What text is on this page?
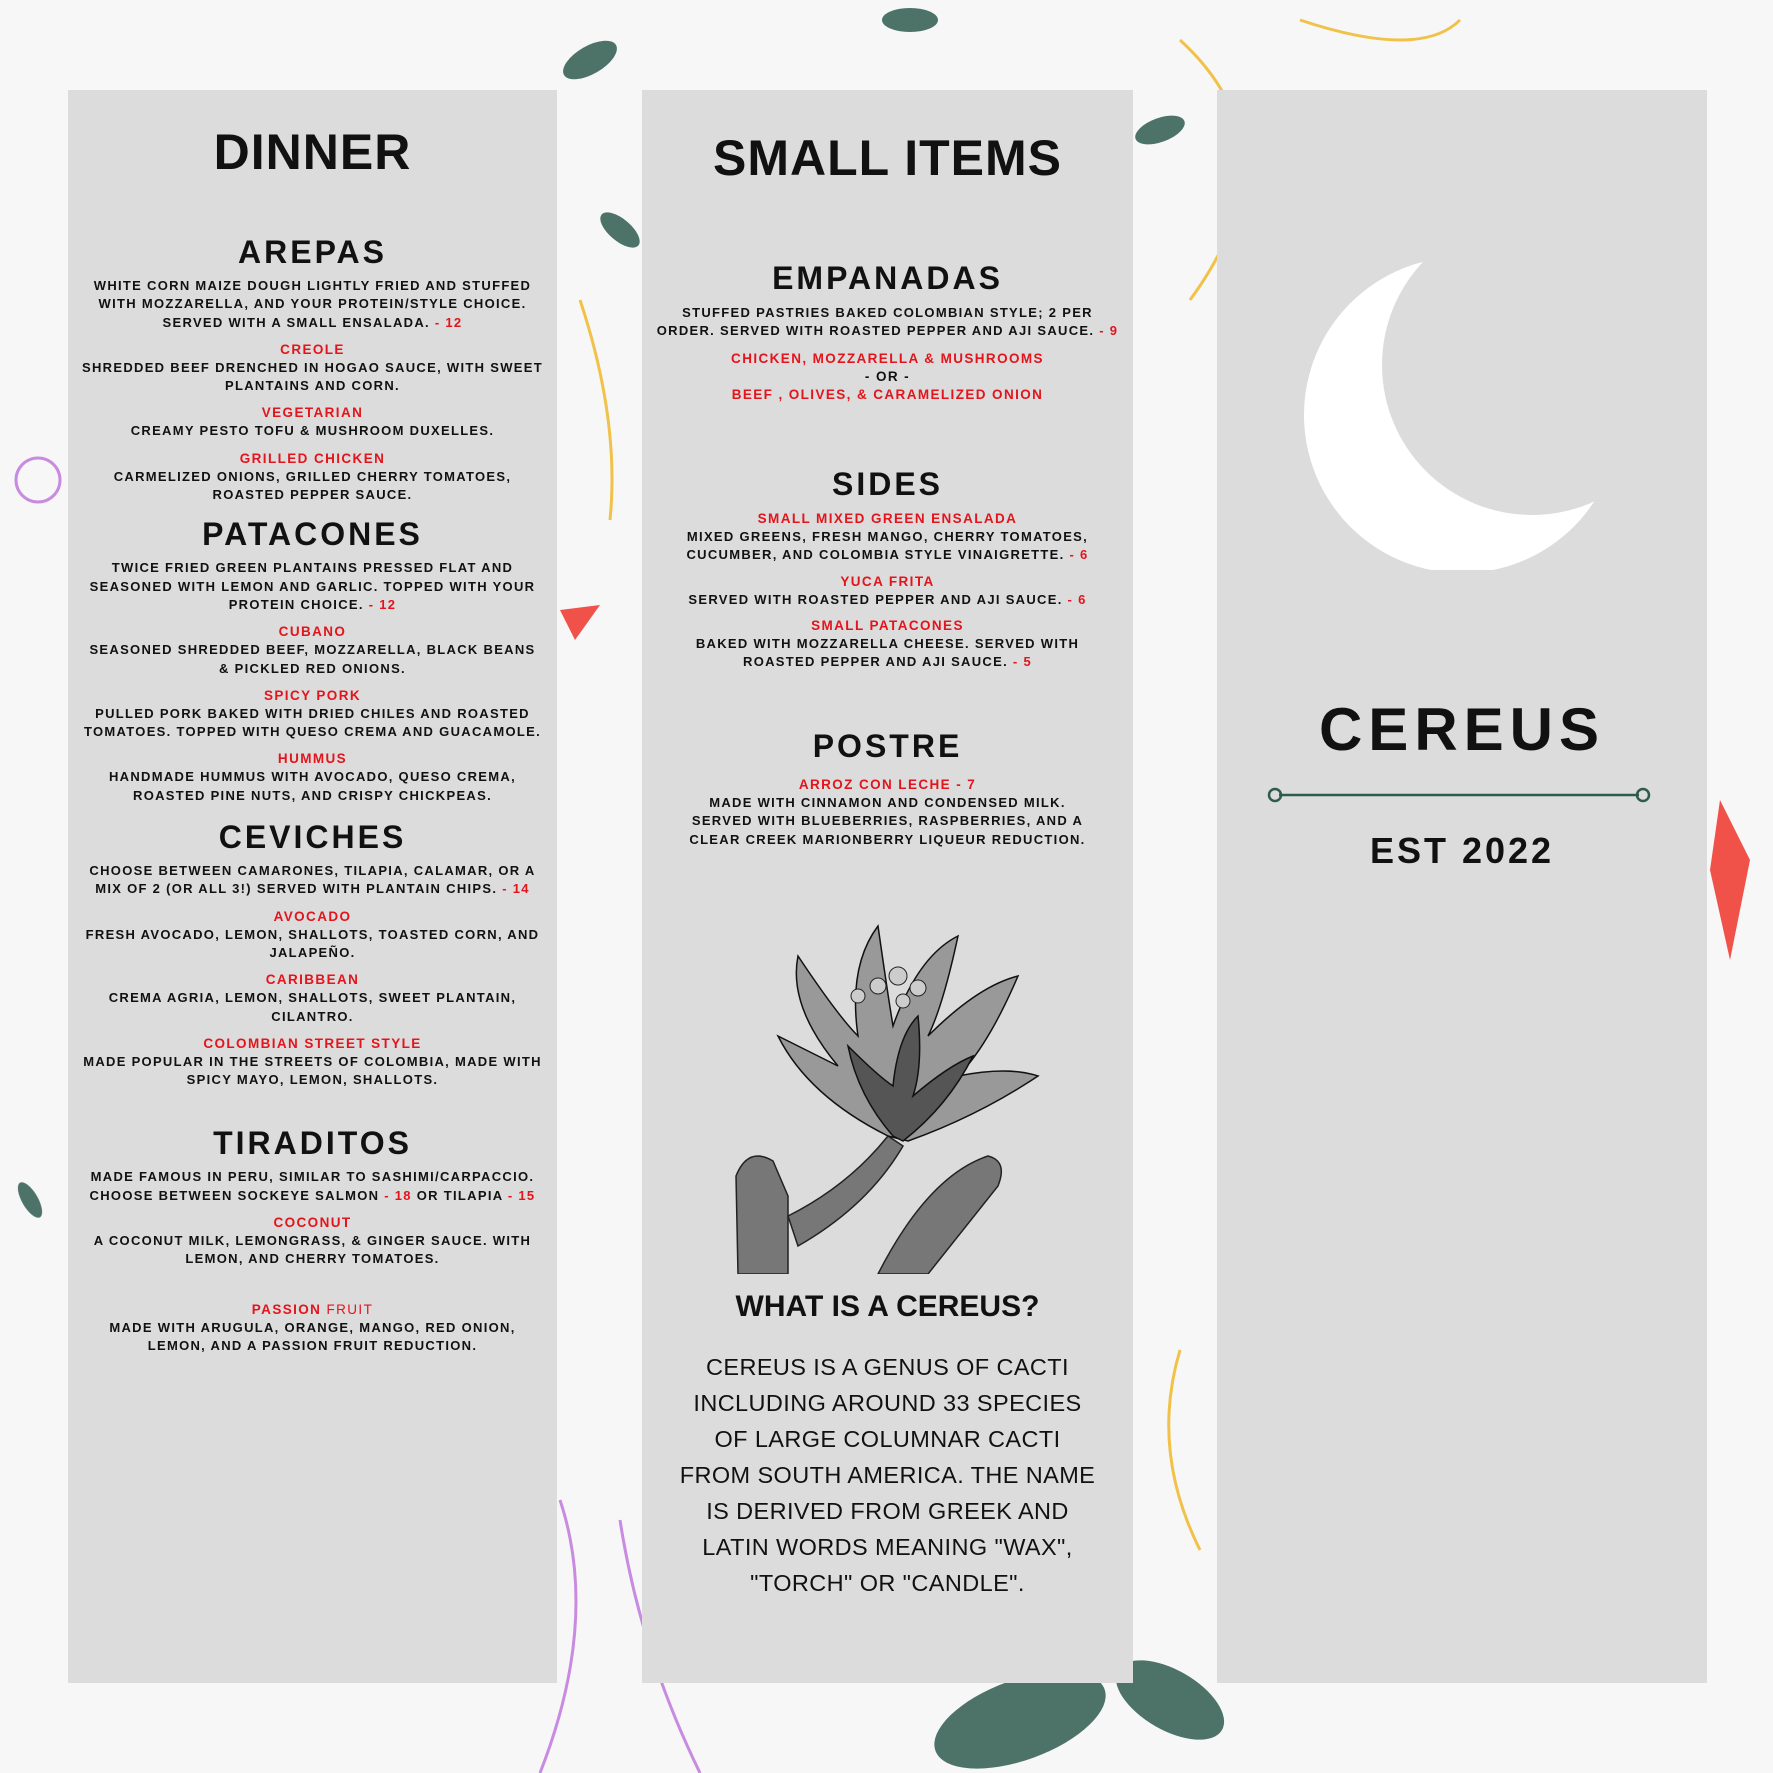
DINNER
AREPAS

WHITE CORN MAIZE DOUGH LIGHTLY FRIED AND STUFFED WITH MOZZARELLA, AND YOUR PROTEIN/STYLE CHOICE. SERVED WITH A SMALL ENSALADA. - 12

CREOLE

SHREDDED BEEF DRENCHED IN HOGAO SAUCE, WITH SWEET PLANTAINS AND CORN.

VEGETARIAN

CREAMY PESTO TOFU & MUSHROOM DUXELLES.

GRILLED CHICKEN

CARMELIZED ONIONS, GRILLED CHERRY TOMATOES, ROASTED PEPPER SAUCE.

PATACONES

TWICE FRIED GREEN PLANTAINS PRESSED FLAT AND SEASONED WITH LEMON AND GARLIC. TOPPED WITH YOUR PROTEIN CHOICE. - 12

CUBANO

SEASONED SHREDDED BEEF, MOZZARELLA, BLACK BEANS & PICKLED RED ONIONS.

SPICY PORK

PULLED PORK BAKED WITH DRIED CHILES AND ROASTED TOMATOES. TOPPED WITH QUESO CREMA AND GUACAMOLE.

HUMMUS

HANDMADE HUMMUS WITH AVOCADO, QUESO CREMA, ROASTED PINE NUTS, AND CRISPY CHICKPEAS.

CEVICHES

CHOOSE BETWEEN CAMARONES, TILAPIA, CALAMAR, OR A MIX OF 2 (OR ALL 3!) SERVED WITH PLANTAIN CHIPS. - 14

AVOCADO

FRESH AVOCADO, LEMON, SHALLOTS, TOASTED CORN, AND JALAPEÑO.

CARIBBEAN

CREMA AGRIA, LEMON, SHALLOTS, SWEET PLANTAIN, CILANTRO.

COLOMBIAN STREET STYLE

MADE POPULAR IN THE STREETS OF COLOMBIA, MADE WITH SPICY MAYO, LEMON, SHALLOTS.

TIRADITOS

MADE FAMOUS IN PERU, SIMILAR TO SASHIMI/CARPACCIO. CHOOSE BETWEEN SOCKEYE SALMON - 18 OR TILAPIA - 15

COCONUT

A COCONUT MILK, LEMONGRASS, & GINGER SAUCE. WITH LEMON, AND CHERRY TOMATOES.

PASSION FRUIT

MADE WITH ARUGULA, ORANGE, MANGO, RED ONION, LEMON, AND A PASSION FRUIT REDUCTION.

SMALL ITEMS
EMPANADAS

STUFFED PASTRIES BAKED COLOMBIAN STYLE; 2 PER ORDER. SERVED WITH ROASTED PEPPER AND AJI SAUCE. - 9

CHICKEN, MOZZARELLA & MUSHROOMS
- OR -
BEEF , OLIVES, & CARAMELIZED ONION
SIDES
SMALL MIXED GREEN ENSALADA

MIXED GREENS, FRESH MANGO, CHERRY TOMATOES, CUCUMBER, AND COLOMBIA STYLE VINAIGRETTE. - 6

YUCA FRITA

SERVED WITH ROASTED PEPPER AND AJI SAUCE. - 6

SMALL PATACONES

BAKED WITH MOZZARELLA CHEESE. SERVED WITH ROASTED PEPPER AND AJI SAUCE. - 5

POSTRE
ARROZ CON LECHE - 7

MADE WITH CINNAMON AND CONDENSED MILK. SERVED WITH BLUEBERRIES, RASPBERRIES, AND A CLEAR CREEK MARIONBERRY LIQUEUR REDUCTION.

WHAT IS A CEREUS?

CEREUS IS A GENUS OF CACTI INCLUDING AROUND 33 SPECIES OF LARGE COLUMNAR CACTI FROM SOUTH AMERICA. THE NAME IS DERIVED FROM GREEK AND LATIN WORDS MEANING "WAX", "TORCH" OR "CANDLE".

CEREUS
EST 2022
